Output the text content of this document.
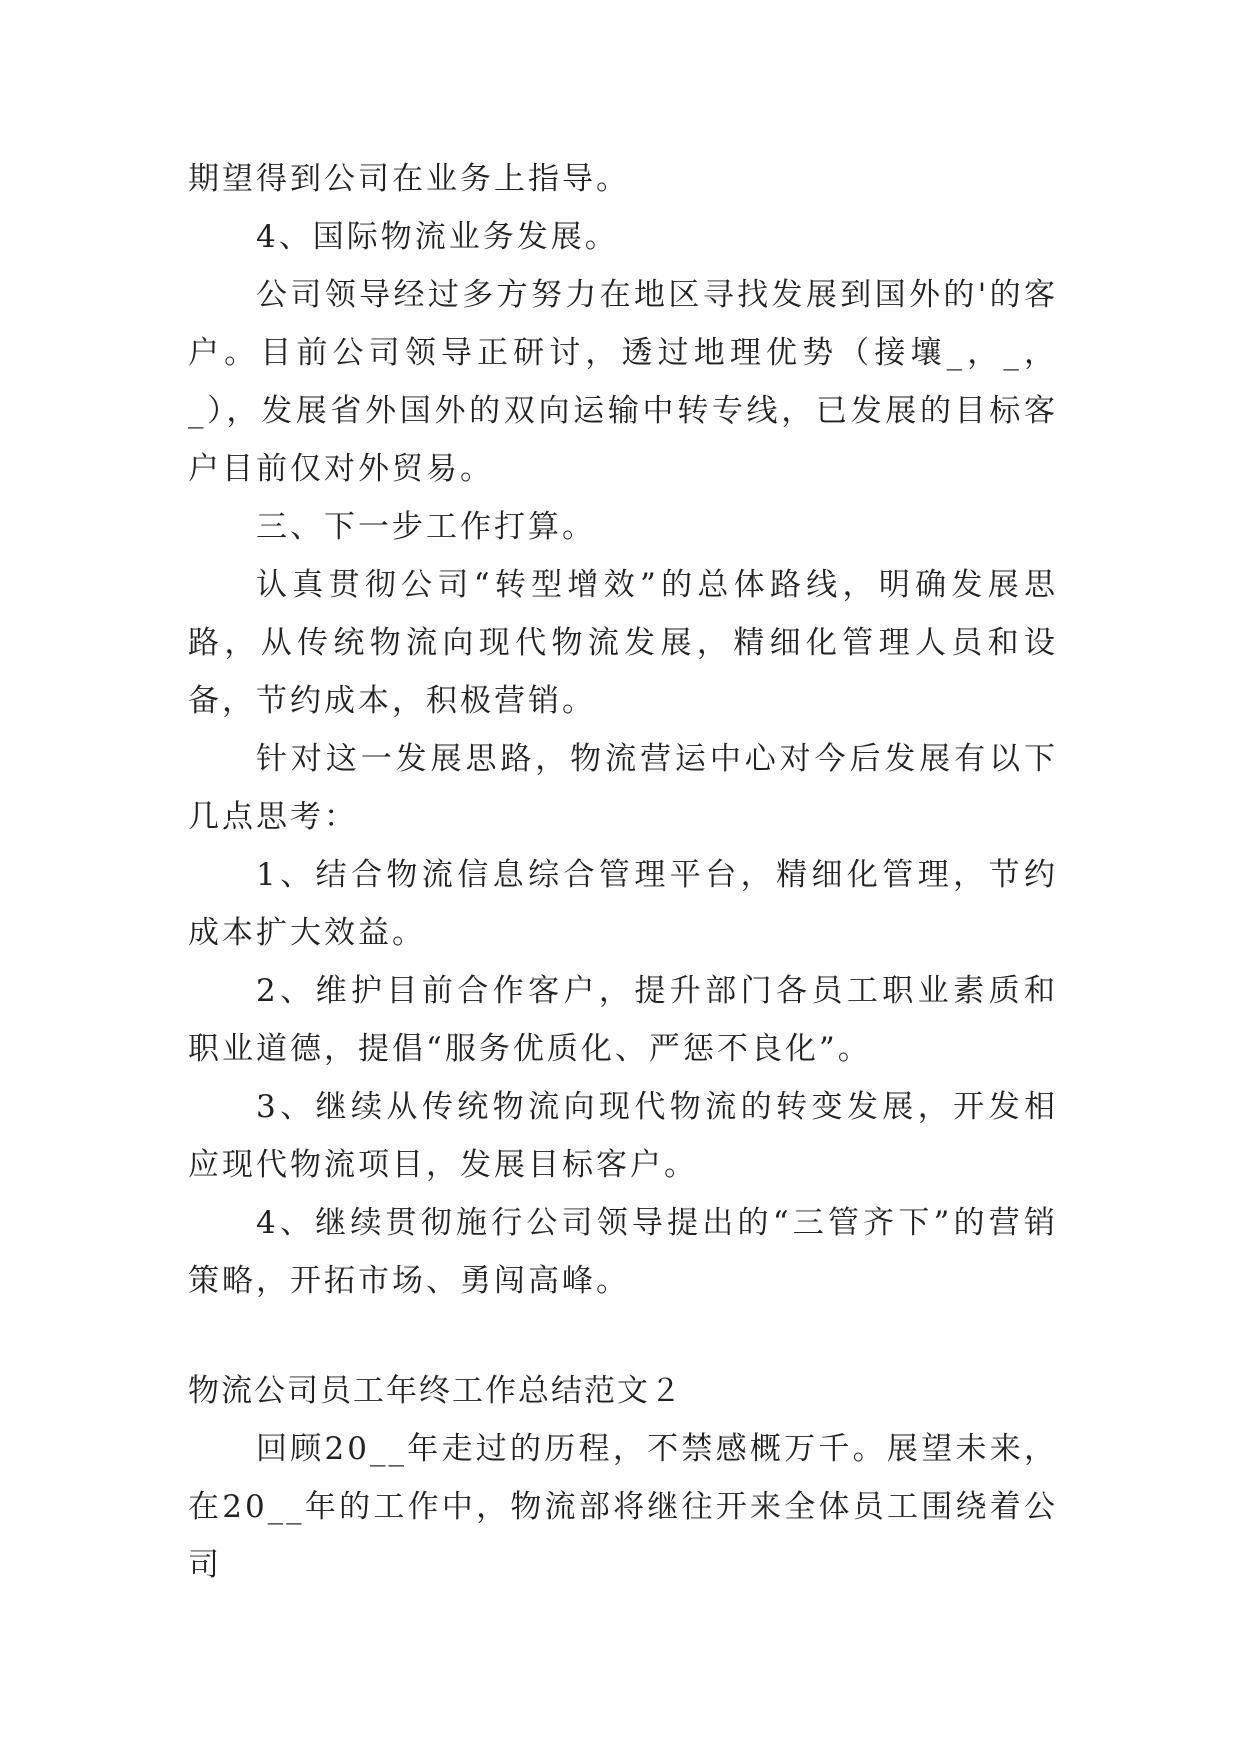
期望得到公司在业务上指导。

4、国际物流业务发展。

公司领导经过多方努力在地区寻找发展到国外的'的客户。目前公司领导正研讨，透过地理优势（接壤_，_，_），发展省外国外的双向运输中转专线，已发展的目标客户目前仅对外贸易。

三、下一步工作打算。

认真贯彻公司“转型增效”的总体路线，明确发展思路，从传统物流向现代物流发展，精细化管理人员和设备，节约成本，积极营销。

针对这一发展思路，物流营运中心对今后发展有以下几点思考：

1、结合物流信息综合管理平台，精细化管理，节约成本扩大效益。

2、维护目前合作客户，提升部门各员工职业素质和职业道德，提倡“服务优质化、严惩不良化”。

3、继续从传统物流向现代物流的转变发展，开发相应现代物流项目，发展目标客户。

4、继续贯彻施行公司领导提出的“三管齐下”的营销策略，开拓市场、勇闯高峰。

物流公司员工年终工作总结范文２

回顾20__年走过的历程，不禁感概万千。展望未来，在20__年的工作中，物流部将继往开来全体员工围绕着公司
